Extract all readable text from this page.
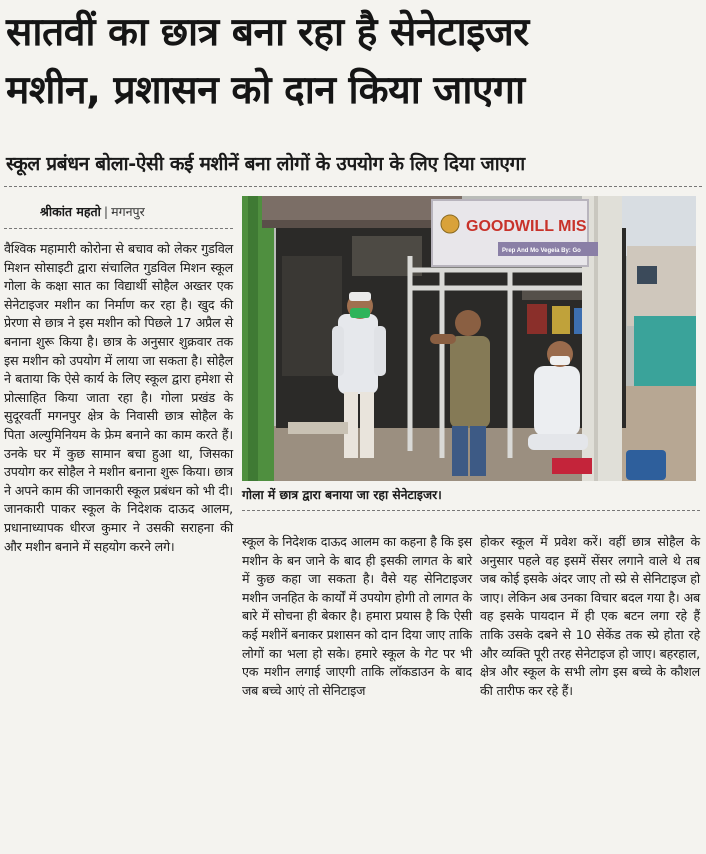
सातवीं का छात्र बना रहा है सेनेटाइजर
मशीन, प्रशासन को दान किया जाएगा
स्कूल प्रबंधन बोला-ऐसी कई मशीनें बना लोगों के उपयोग के लिए दिया जाएगा
श्रीकांत महतो | मगनपुर
वैश्विक महामारी कोरोना से बचाव को लेकर गुडविल मिशन सोसाइटी द्वारा संचालित गुडविल मिशन स्कूल गोला के कक्षा सात का विद्यार्थी सोहैल अख्तर एक सेनेटाइजर मशीन का निर्माण कर रहा है। खुद की प्रेरणा से छात्र ने इस मशीन को पिछले 17 अप्रैल से बनाना शुरू किया है। छात्र के अनुसार शुक्रवार तक इस मशीन को उपयोग में लाया जा सकता है। सोहैल ने बताया कि ऐसे कार्य के लिए स्कूल द्वारा हमेशा से प्रोत्साहित किया जाता रहा है। गोला प्रखंड के सुदूरवर्ती मगनपुर क्षेत्र के निवासी छात्र सोहैल के पिता अल्युमिनियम के फ्रेम बनाने का काम करते हैं। उनके घर में कुछ सामान बचा हुआ था, जिसका उपयोग कर सोहैल ने मशीन बनाना शुरू किया। छात्र ने अपने काम की जानकारी स्कूल प्रबंधन को भी दी। जानकारी पाकर स्कूल के निदेशक दाऊद आलम, प्रधानाध्यापक धीरज कुमार ने उसकी सराहना की और मशीन बनाने में सहयोग करने लगे।
GOODWILL MIS
Prep And Mo Vegeia By: Go
गोला में छात्र द्वारा बनाया जा रहा सेनेटाइजर।
स्कूल के निदेशक दाऊद आलम का कहना है कि इस मशीन के बन जाने के बाद ही इसकी लागत के बारे में कुछ कहा जा सकता है। वैसे यह सेनिटाइजर मशीन जनहित के कार्यों में उपयोग होगी तो लागत के बारे में सोचना ही बेकार है। हमारा प्रयास है कि ऐसी कई मशीनें बनाकर प्रशासन को दान दिया जाए ताकि लोगों का भला हो सके। हमारे स्कूल के गेट पर भी एक मशीन लगाई जाएगी ताकि लॉकडाउन के बाद जब बच्चे आएं तो सेनिटाइज
होकर स्कूल में प्रवेश करें। वहीं छात्र सोहैल के अनुसार पहले वह इसमें सेंसर लगाने वाले थे तब जब कोई इसके अंदर जाए तो स्प्रे से सेनिटाइज हो जाए। लेकिन अब उनका विचार बदल गया है। अब वह इसके पायदान में ही एक बटन लगा रहे हैं ताकि उसके दबने से 10 सेकेंड तक स्प्रे होता रहे और व्यक्ति पूरी तरह सेनेटाइज हो जाए। बहरहाल, क्षेत्र और स्कूल के सभी लोग इस बच्चे के कौशल की तारीफ कर रहे हैं।
